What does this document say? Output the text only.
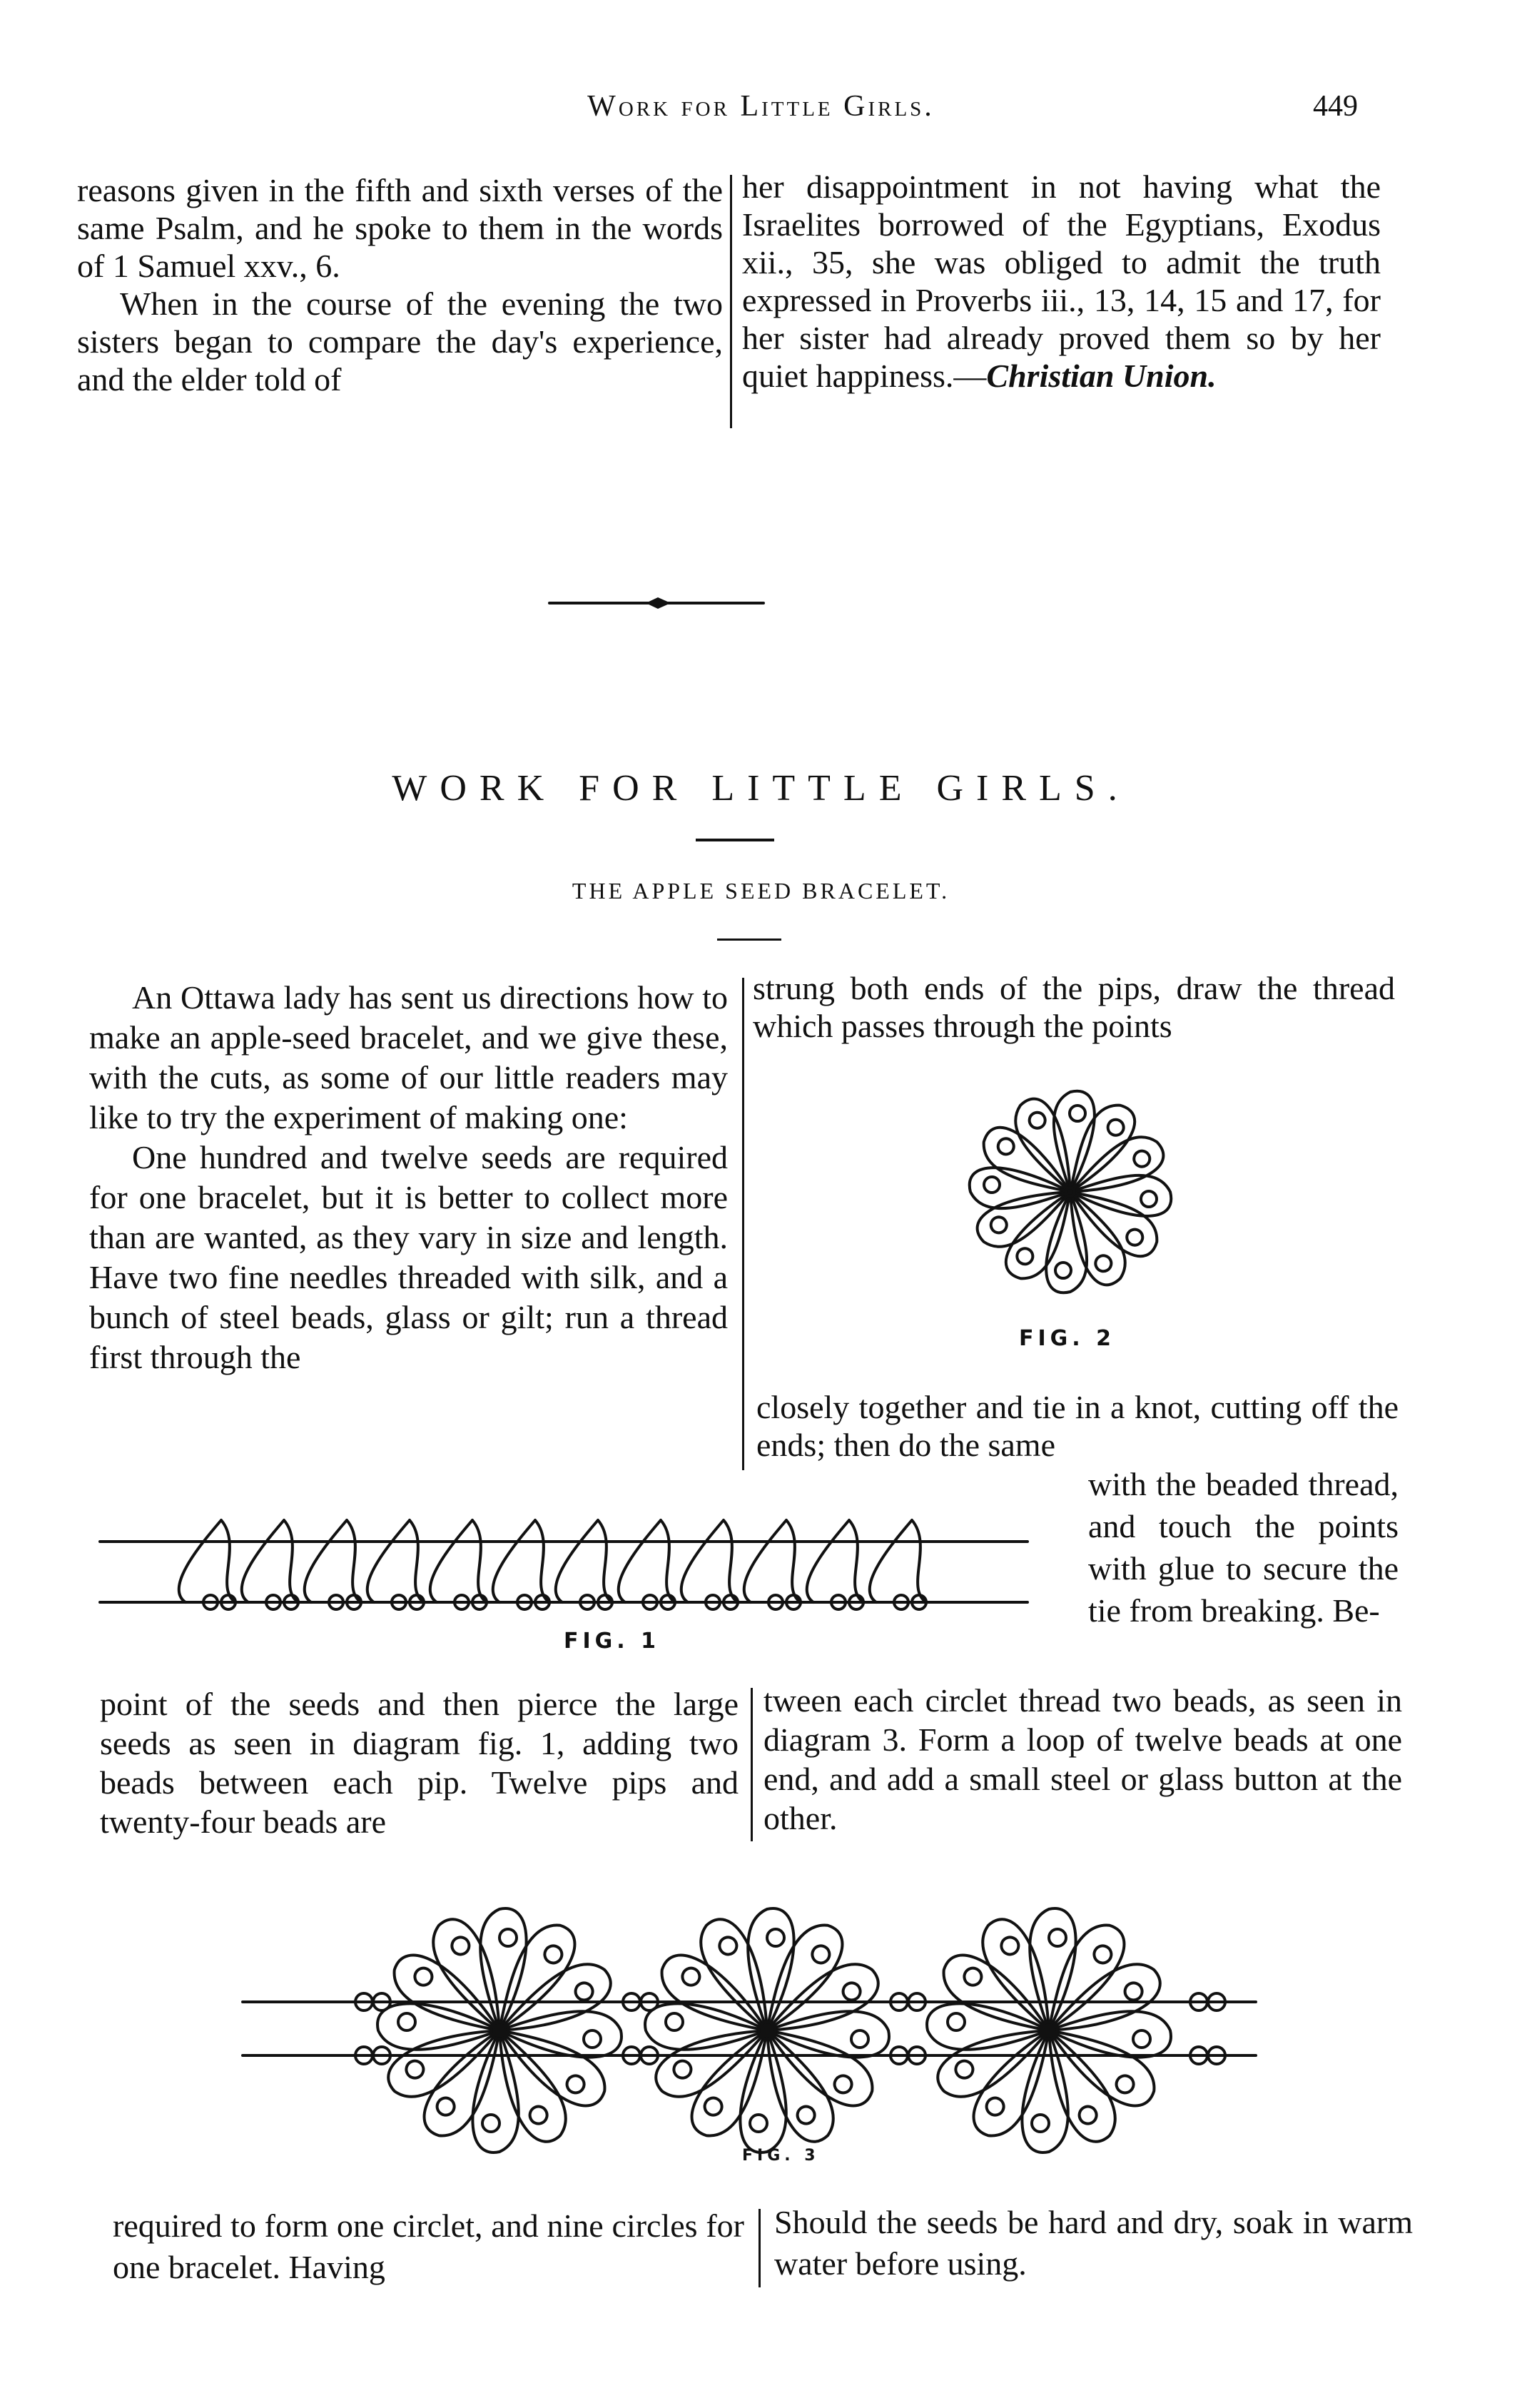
Work for Little Girls.	449

reasons given in the fifth and sixth verses of the same Psalm, and he spoke to them in the words of 1 Samuel xxv., 6.

When in the course of the evening the two sisters began to compare the day's experience, and the elder told of

her disappointment in not having what the Israelites borrowed of the Egyptians, Exodus xii., 35, she was obliged to admit the truth expressed in Proverbs iii., 13, 14, 15 and 17, for her sister had already proved them so by her quiet happiness.—Christian Union.

WORK FOR LITTLE GIRLS.
THE APPLE SEED BRACELET.

An Ottawa lady has sent us directions how to make an apple-seed bracelet, and we give these, with the cuts, as some of our little readers may like to try the experiment of making one:

One hundred and twelve seeds are required for one bracelet, but it is better to collect more than are wanted, as they vary in size and length. Have two fine needles threaded with silk, and a bunch of steel beads, glass or gilt; run a thread first through the

strung both ends of the pips, draw the thread which passes through the points
FIG. 2
closely together and tie in a knot, cutting off the ends; then do the same
with the beaded thread, and touch the points with glue to secure the tie from breaking. Be-
FIG. 1
point of the seeds and then pierce the large seeds as seen in diagram fig. 1, adding two beads between each pip. Twelve pips and twenty-four beads are
tween each circlet thread two beads, as seen in diagram 3. Form a loop of twelve beads at one end, and add a small steel or glass button at the other.
FIG. 3
required to form one circlet, and nine circles for one bracelet. Having
Should the seeds be hard and dry, soak in warm water before using.
